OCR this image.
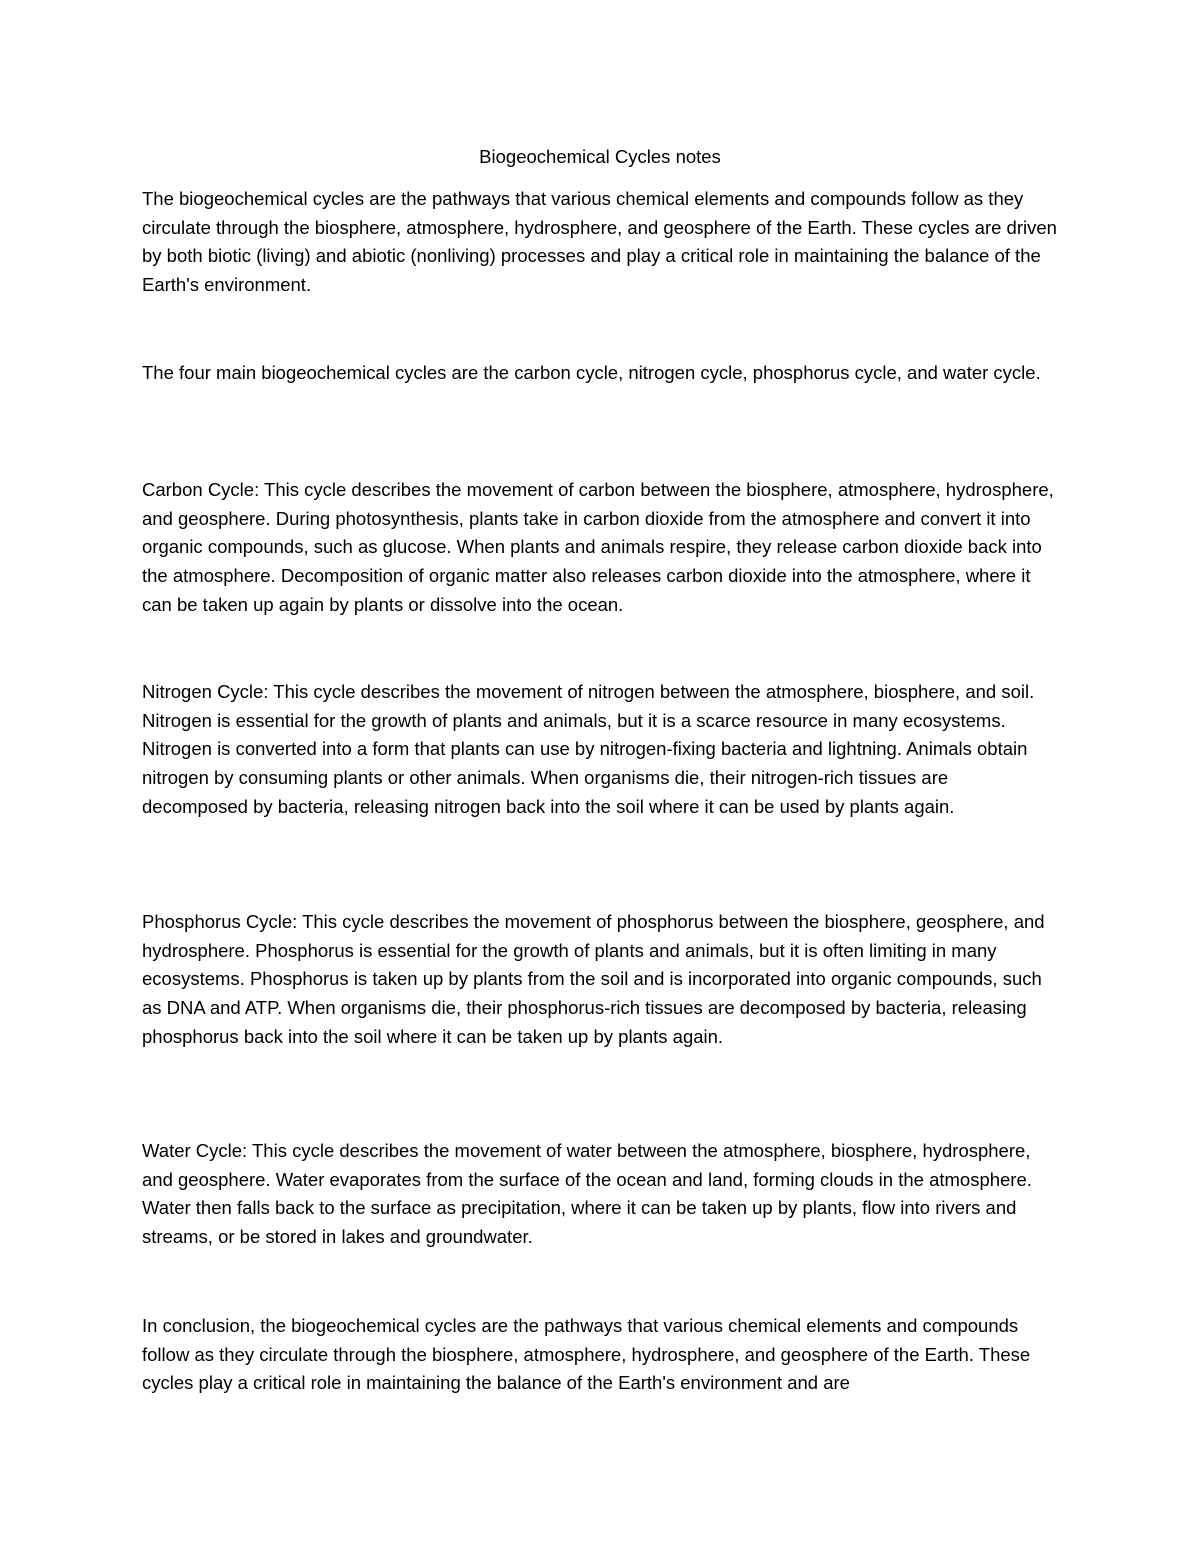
Biogeochemical Cycles notes

The biogeochemical cycles are the pathways that various chemical elements and compounds follow as they circulate through the biosphere, atmosphere, hydrosphere, and geosphere of the Earth. These cycles are driven by both biotic (living) and abiotic (nonliving) processes and play a critical role in maintaining the balance of the Earth's environment.

The four main biogeochemical cycles are the carbon cycle, nitrogen cycle, phosphorus cycle, and water cycle.

Carbon Cycle: This cycle describes the movement of carbon between the biosphere, atmosphere, hydrosphere, and geosphere. During photosynthesis, plants take in carbon dioxide from the atmosphere and convert it into organic compounds, such as glucose. When plants and animals respire, they release carbon dioxide back into the atmosphere. Decomposition of organic matter also releases carbon dioxide into the atmosphere, where it can be taken up again by plants or dissolve into the ocean.

Nitrogen Cycle: This cycle describes the movement of nitrogen between the atmosphere, biosphere, and soil. Nitrogen is essential for the growth of plants and animals, but it is a scarce resource in many ecosystems. Nitrogen is converted into a form that plants can use by nitrogen-fixing bacteria and lightning. Animals obtain nitrogen by consuming plants or other animals. When organisms die, their nitrogen-rich tissues are decomposed by bacteria, releasing nitrogen back into the soil where it can be used by plants again.

Phosphorus Cycle: This cycle describes the movement of phosphorus between the biosphere, geosphere, and hydrosphere. Phosphorus is essential for the growth of plants and animals, but it is often limiting in many ecosystems. Phosphorus is taken up by plants from the soil and is incorporated into organic compounds, such as DNA and ATP. When organisms die, their phosphorus-rich tissues are decomposed by bacteria, releasing phosphorus back into the soil where it can be taken up by plants again.

Water Cycle: This cycle describes the movement of water between the atmosphere, biosphere, hydrosphere, and geosphere. Water evaporates from the surface of the ocean and land, forming clouds in the atmosphere. Water then falls back to the surface as precipitation, where it can be taken up by plants, flow into rivers and streams, or be stored in lakes and groundwater.

In conclusion, the biogeochemical cycles are the pathways that various chemical elements and compounds follow as they circulate through the biosphere, atmosphere, hydrosphere, and geosphere of the Earth. These cycles play a critical role in maintaining the balance of the Earth's environment and are
